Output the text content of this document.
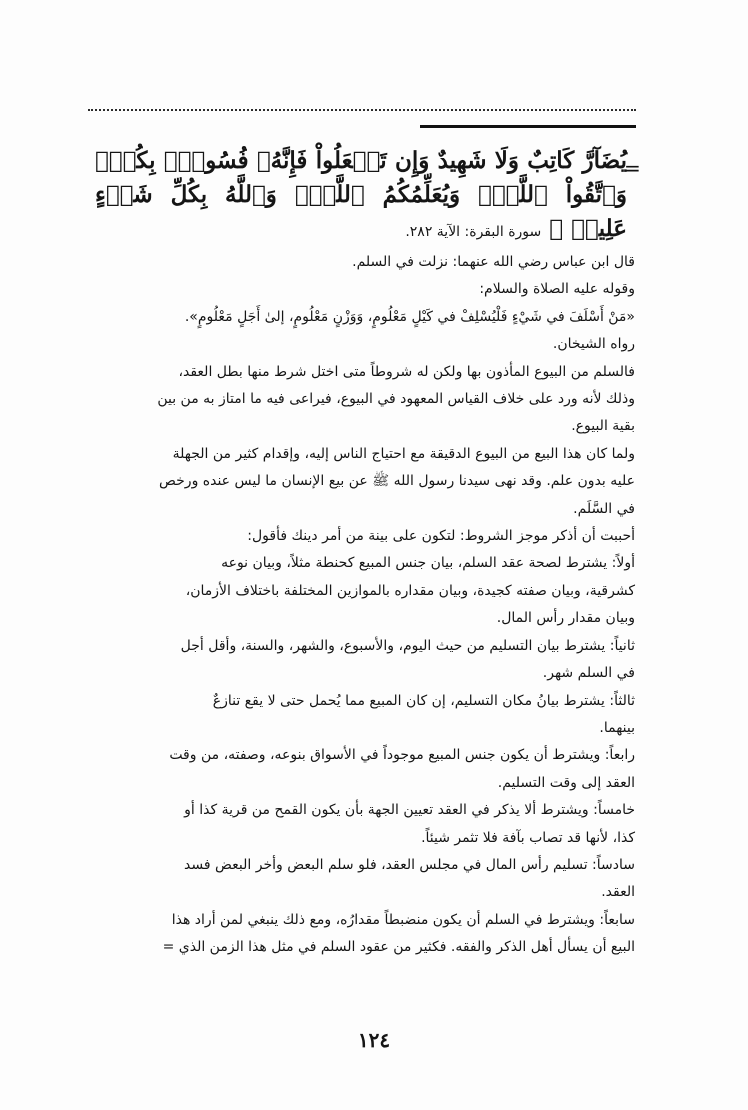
=

يُضَآرَّ كَاتِبٌ وَلَا شَهِيدٌ وَإِن تَفۡعَلُواْ فَإِنَّهُۥ فُسُوقُۢ بِكُمۡۗ وَٱتَّقُواْ ٱللَّهَۖ وَيُعَلِّمُكُمُ ٱللَّهُۗ وَٱللَّهُ بِكُلِّ شَيۡءٍ عَلِيمٞ ﴾ سورة البقرة: الآية ٢٨٢.

قال ابن عباس رضي الله عنهما: نزلت في السلم.

وقوله عليه الصلاة والسلام:

«مَنْ أَسْلَفَ في شَيْءٍ فَلْيُسْلِفْ في كَيْلٍ مَعْلُومٍ، وَوَزْنٍ مَعْلُومٍ، إلىٰ أَجَلٍ مَعْلُومٍ».

رواه الشيخان.

فالسلم من البيوع المأذون بها ولكن له شروطاً متى اختل شرط منها بطل العقد،

وذلك لأنه ورد على خلاف القياس المعهود في البيوع، فيراعى فيه ما امتاز به من بين

بقية البيوع.

ولما كان هذا البيع من البيوع الدقيقة مع احتياج الناس إليه، وإقدام كثير من الجهلة

عليه بدون علم. وقد نهى سيدنا رسول الله ﷺ عن بيع الإنسان ما ليس عنده ورخص

في السَّلَم.

أحببت أن أذكر موجز الشروط: لتكون على بينة من أمر دينك فأقول:

أولاً: يشترط لصحة عقد السلم، بيان جنس المبيع كحنطة مثلاً، وبيان نوعه

كشرقية، وبيان صفته كجيدة، وبيان مقداره بالموازين المختلفة باختلاف الأزمان،

وبيان مقدار رأس المال.

ثانياً: يشترط بيان التسليم من حيث اليوم، والأسبوع، والشهر، والسنة، وأقل أجل

في السلم شهر.

ثالثاً: يشترط بيانُ مكان التسليم، إن كان المبيع مما يُحمل حتى لا يقع تنازعٌ

بينهما.

رابعاً: ويشترط أن يكون جنس المبيع موجوداً في الأسواق بنوعه، وصفته، من وقت

العقد إلى وقت التسليم.

خامساً: ويشترط ألا يذكر في العقد تعيين الجهة بأن يكون القمح من قرية كذا أو

كذا، لأنها قد تصاب بآفة فلا تثمر شيئاً.

سادساً: تسليم رأس المال في مجلس العقد، فلو سلم البعض وأخر البعض فسد

العقد.

سابعاً: ويشترط في السلم أن يكون منضبطاً مقدارُه، ومع ذلك ينبغي لمن أراد هذا

البيع أن يسأل أهل الذكر والفقه. فكثير من عقود السلم في مثل هذا الزمن الذي =

١٢٤
